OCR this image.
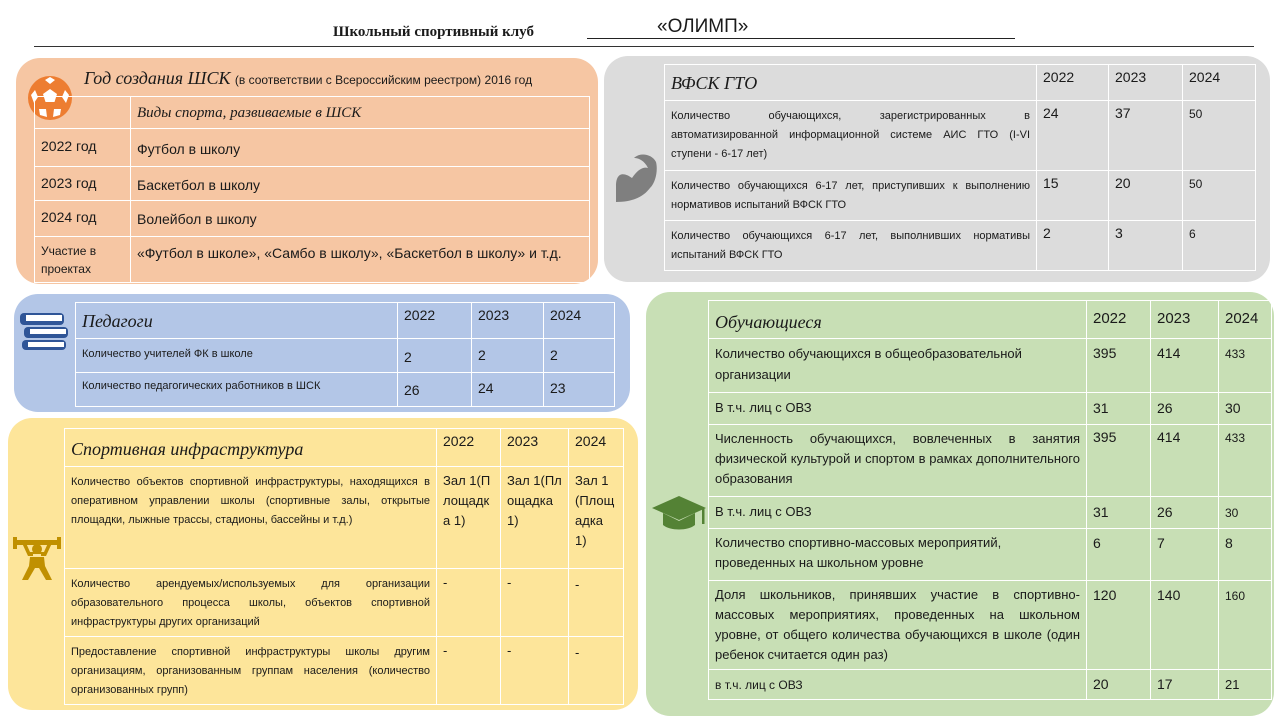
Школьный спортивный клуб	«ОЛИМП»
Год создания ШСК (в соответствии с Всероссийским реестром) 2016 год
	Виды спорта, развиваемые в ШСК
2022 год	Футбол в школу
2023 год	Баскетбол в школу
2024 год	Волейбол в школу
Участие в проектах	«Футбол в школе», «Самбо в школу», «Баскетбол в школу» и т.д.
ВФСК ГТО	2022	2023	2024
Количество обучающихся, зарегистрированных в автоматизированной информационной системе АИС ГТО (I-VI ступени - 6-17 лет)	24	37	50
Количество обучающихся 6-17 лет, приступивших к выполнению нормативов испытаний ВФСК ГТО	15	20	50
Количество обучающихся 6-17 лет, выполнивших нормативы испытаний ВФСК ГТО	2	3	6
Педагоги	2022	2023	2024
Количество учителей ФК в школе	2	2	2
Количество педагогических работников в ШСК	26	24	23
Спортивная инфраструктура	2022	2023	2024
Количество объектов спортивной инфраструктуры, находящихся в оперативном управлении школы (спортивные залы, открытые площадки, лыжные трассы, стадионы, бассейны и т.д.)	Зал 1(Площадка 1)	Зал 1(Площадка 1)	Зал 1(Площадка 1)
Количество арендуемых/используемых для организации образовательного процесса школы, объектов спортивной инфраструктуры других организаций	-	-	-
Предоставление спортивной инфраструктуры школы другим организациям, организованным группам населения (количество организованных групп)	-	-	-
Обучающиеся	2022	2023	2024
Количество обучающихся в общеобразовательной организации	395	414	433
В т.ч. лиц с ОВЗ	31	26	30
Численность обучающихся, вовлеченных в занятия физической культурой и спортом в рамках дополнительного образования	395	414	433
В т.ч. лиц с ОВЗ	31	26	30
Количество спортивно-массовых мероприятий, проведенных на школьном уровне	6	7	8
Доля школьников, принявших участие в спортивно-массовых мероприятиях, проведенных на школьном уровне, от общего количества обучающихся в школе (один ребенок считается один раз)	120	140	160
в т.ч. лиц с ОВЗ	20	17	21
